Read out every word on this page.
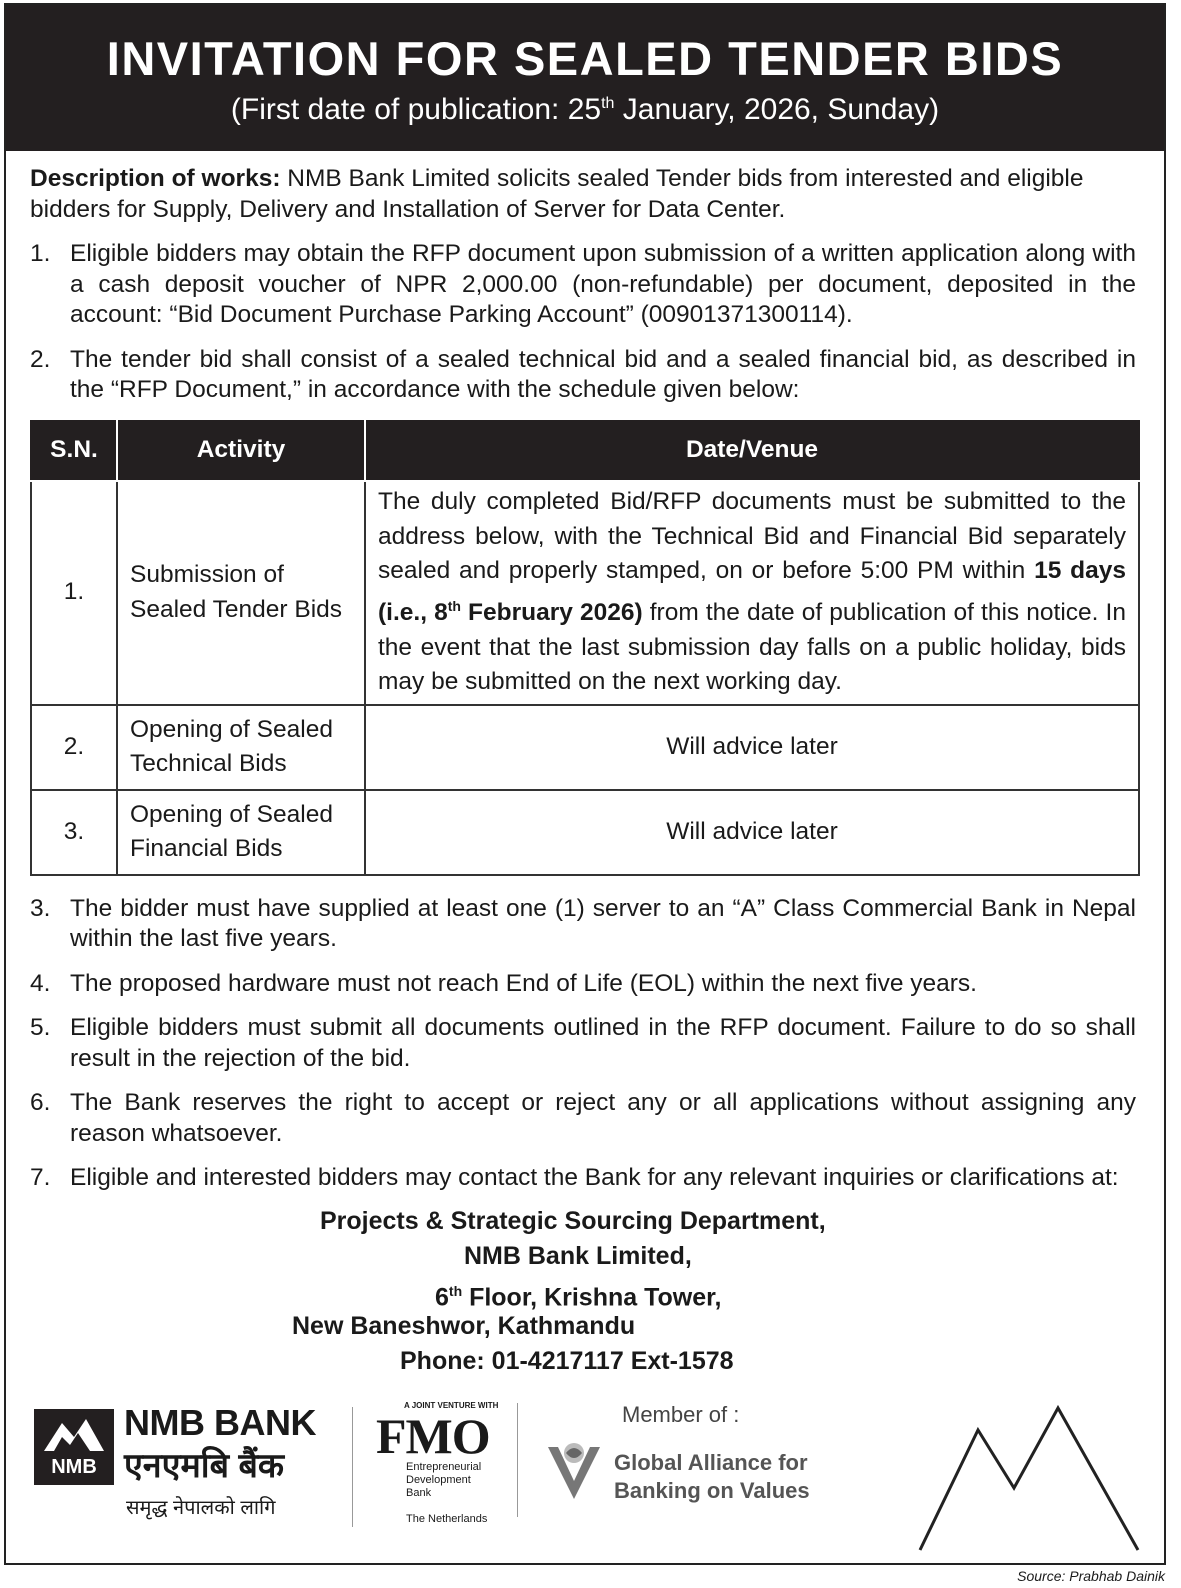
INVITATION FOR SEALED TENDER BIDS
(First date of publication: 25th January, 2026, Sunday)

Description of works: NMB Bank Limited solicits sealed Tender bids from interested and eligible bidders for Supply, Delivery and Installation of Server for Data Center.

1. Eligible bidders may obtain the RFP document upon submission of a written application along with a cash deposit voucher of NPR 2,000.00 (non-refundable) per document, deposited in the account: “Bid Document Purchase Parking Account” (00901371300114).
2. The tender bid shall consist of a sealed technical bid and a sealed financial bid, as described in the “RFP Document,” in accordance with the schedule given below:
S.N.	Activity	Date/Venue
1.	Submission of Sealed Tender Bids	The duly completed Bid/RFP documents must be submitted to the address below, with the Technical Bid and Financial Bid separately sealed and properly stamped, on or before 5:00 PM within 15 days (i.e., 8th February 2026) from the date of publication of this notice. In the event that the last submission day falls on a public holiday, bids may be submitted on the next working day.
2.	Opening of Sealed Technical Bids	Will advice later
3.	Opening of Sealed Financial Bids	Will advice later
3. The bidder must have supplied at least one (1) server to an “A” Class Commercial Bank in Nepal within the last five years.
4. The proposed hardware must not reach End of Life (EOL) within the next five years.
5. Eligible bidders must submit all documents outlined in the RFP document. Failure to do so shall result in the rejection of the bid.
6. The Bank reserves the right to accept or reject any or all applications without assigning any reason whatsoever.
7. Eligible and interested bidders may contact the Bank for any relevant inquiries or clarifications at:
Projects & Strategic Sourcing Department,
NMB Bank Limited,
6th Floor, Krishna Tower,
New Baneshwor, Kathmandu
Phone: 01-4217117 Ext-1578
NMB
NMB BANK
एनएमबि बैंक
समृद्ध नेपालको लागि
A JOINT VENTURE WITH
FMO
Entrepreneurial
Development
Bank
The Netherlands
Member of :
Global Alliance for
Banking on Values
Source: Prabhab Dainik
